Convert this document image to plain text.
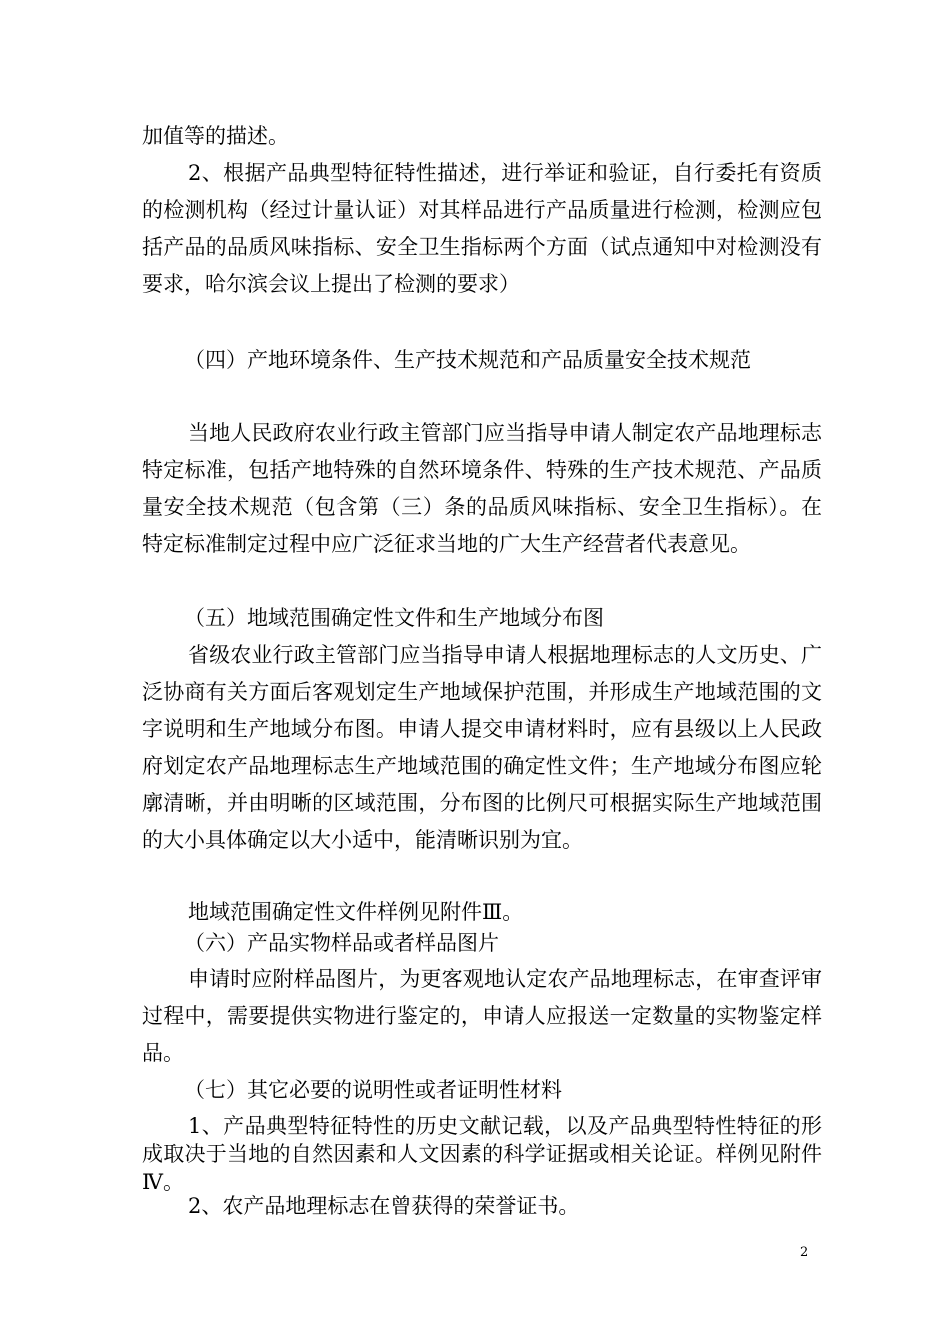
加值等的描述。
2、根据产品典型特征特性描述，进行举证和验证，自行委托有资质的检测机构（经过计量认证）对其样品进行产品质量进行检测，检测应包括产品的品质风味指标、安全卫生指标两个方面（试点通知中对检测没有要求，哈尔滨会议上提出了检测的要求）
（四）产地环境条件、生产技术规范和产品质量安全技术规范
当地人民政府农业行政主管部门应当指导申请人制定农产品地理标志特定标准，包括产地特殊的自然环境条件、特殊的生产技术规范、产品质量安全技术规范（包含第（三）条的品质风味指标、安全卫生指标）。在特定标准制定过程中应广泛征求当地的广大生产经营者代表意见。
（五）地域范围确定性文件和生产地域分布图
省级农业行政主管部门应当指导申请人根据地理标志的人文历史、广泛协商有关方面后客观划定生产地域保护范围，并形成生产地域范围的文字说明和生产地域分布图。申请人提交申请材料时，应有县级以上人民政府划定农产品地理标志生产地域范围的确定性文件；生产地域分布图应轮廓清晰，并由明晰的区域范围，分布图的比例尺可根据实际生产地域范围的大小具体确定以大小适中，能清晰识别为宜。
地域范围确定性文件样例见附件Ⅲ。
（六）产品实物样品或者样品图片
申请时应附样品图片，为更客观地认定农产品地理标志，在审查评审过程中，需要提供实物进行鉴定的，申请人应报送一定数量的实物鉴定样品。
（七）其它必要的说明性或者证明性材料
1、产品典型特征特性的历史文献记载，以及产品典型特性特征的形成取决于当地的自然因素和人文因素的科学证据或相关论证。样例见附件Ⅳ。
2、农产品地理标志在曾获得的荣誉证书。
2
